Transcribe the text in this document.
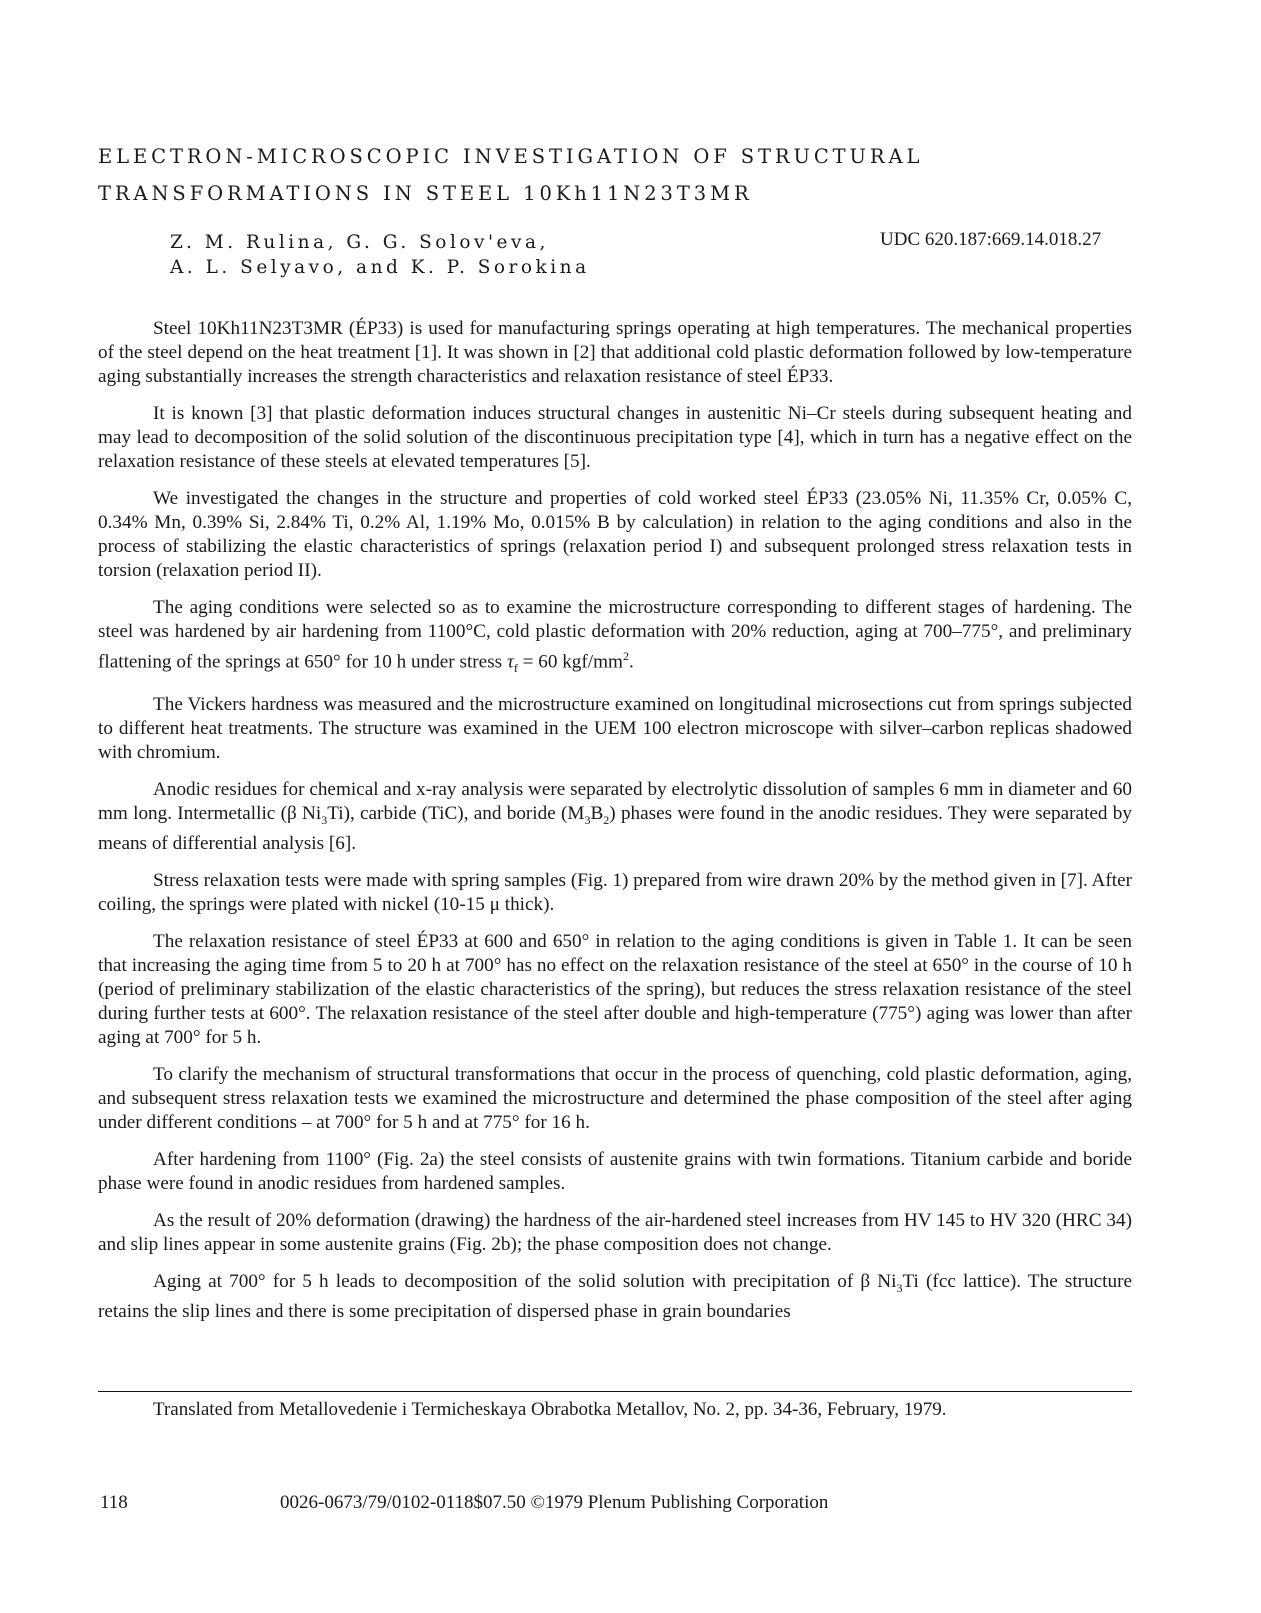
ELECTRON-MICROSCOPIC INVESTIGATION OF STRUCTURAL
TRANSFORMATIONS IN STEEL 10Kh11N23T3MR
Z. M. Rulina, G. G. Solov'eva,
A. L. Selyavo, and K. P. Sorokina
UDC 620.187:669.14.018.27

Steel 10Kh11N23T3MR (ÉP33) is used for manufacturing springs operating at high temperatures. The mechanical properties of the steel depend on the heat treatment [1]. It was shown in [2] that additional cold plastic deformation followed by low-temperature aging substantially increases the strength characteristics and relaxation resistance of steel ÉP33.

It is known [3] that plastic deformation induces structural changes in austenitic Ni–Cr steels during subsequent heating and may lead to decomposition of the solid solution of the discontinuous precipitation type [4], which in turn has a negative effect on the relaxation resistance of these steels at elevated temperatures [5].

We investigated the changes in the structure and properties of cold worked steel ÉP33 (23.05% Ni, 11.35% Cr, 0.05% C, 0.34% Mn, 0.39% Si, 2.84% Ti, 0.2% Al, 1.19% Mo, 0.015% B by calculation) in relation to the aging conditions and also in the process of stabilizing the elastic characteristics of springs (relaxation period I) and subsequent prolonged stress relaxation tests in torsion (relaxation period II).

The aging conditions were selected so as to examine the microstructure corresponding to different stages of hardening. The steel was hardened by air hardening from 1100°C, cold plastic deformation with 20% reduction, aging at 700–775°, and preliminary flattening of the springs at 650° for 10 h under stress $\tau_f = 60$ kgf/$mm^2$.

The Vickers hardness was measured and the microstructure examined on longitudinal microsections cut from springs subjected to different heat treatments. The structure was examined in the UEM 100 electron microscope with silver–carbon replicas shadowed with chromium.

Anodic residues for chemical and x-ray analysis were separated by electrolytic dissolution of samples 6 mm in diameter and 60 mm long. Intermetallic (β $Ni_3Ti$), carbide (TiC), and boride $(M_3B_2)$ phases were found in the anodic residues. They were separated by means of differential analysis [6].

Stress relaxation tests were made with spring samples (Fig. 1) prepared from wire drawn 20% by the method given in [7]. After coiling, the springs were plated with nickel (10-15 μ thick).

The relaxation resistance of steel ÉP33 at 600 and 650° in relation to the aging conditions is given in Table 1. It can be seen that increasing the aging time from 5 to 20 h at 700° has no effect on the relaxation resistance of the steel at 650° in the course of 10 h (period of preliminary stabilization of the elastic characteristics of the spring), but reduces the stress relaxation resistance of the steel during further tests at 600°. The relaxation resistance of the steel after double and high-temperature (775°) aging was lower than after aging at 700° for 5 h.

To clarify the mechanism of structural transformations that occur in the process of quenching, cold plastic deformation, aging, and subsequent stress relaxation tests we examined the microstructure and determined the phase composition of the steel after aging under different conditions – at 700° for 5 h and at 775° for 16 h.

After hardening from 1100° (Fig. 2a) the steel consists of austenite grains with twin formations. Titanium carbide and boride phase were found in anodic residues from hardened samples.

As the result of 20% deformation (drawing) the hardness of the air-hardened steel increases from HV 145 to HV 320 (HRC 34) and slip lines appear in some austenite grains (Fig. 2b); the phase composition does not change.

Aging at 700° for 5 h leads to decomposition of the solid solution with precipitation of β $Ni_3Ti$ (fcc lattice). The structure retains the slip lines and there is some precipitation of dispersed phase in grain boundaries

Translated from Metallovedenie i Termicheskaya Obrabotka Metallov, No. 2, pp. 34-36, February, 1979.
118	0026-0673/79/0102-0118$07.50 ©1979 Plenum Publishing Corporation
